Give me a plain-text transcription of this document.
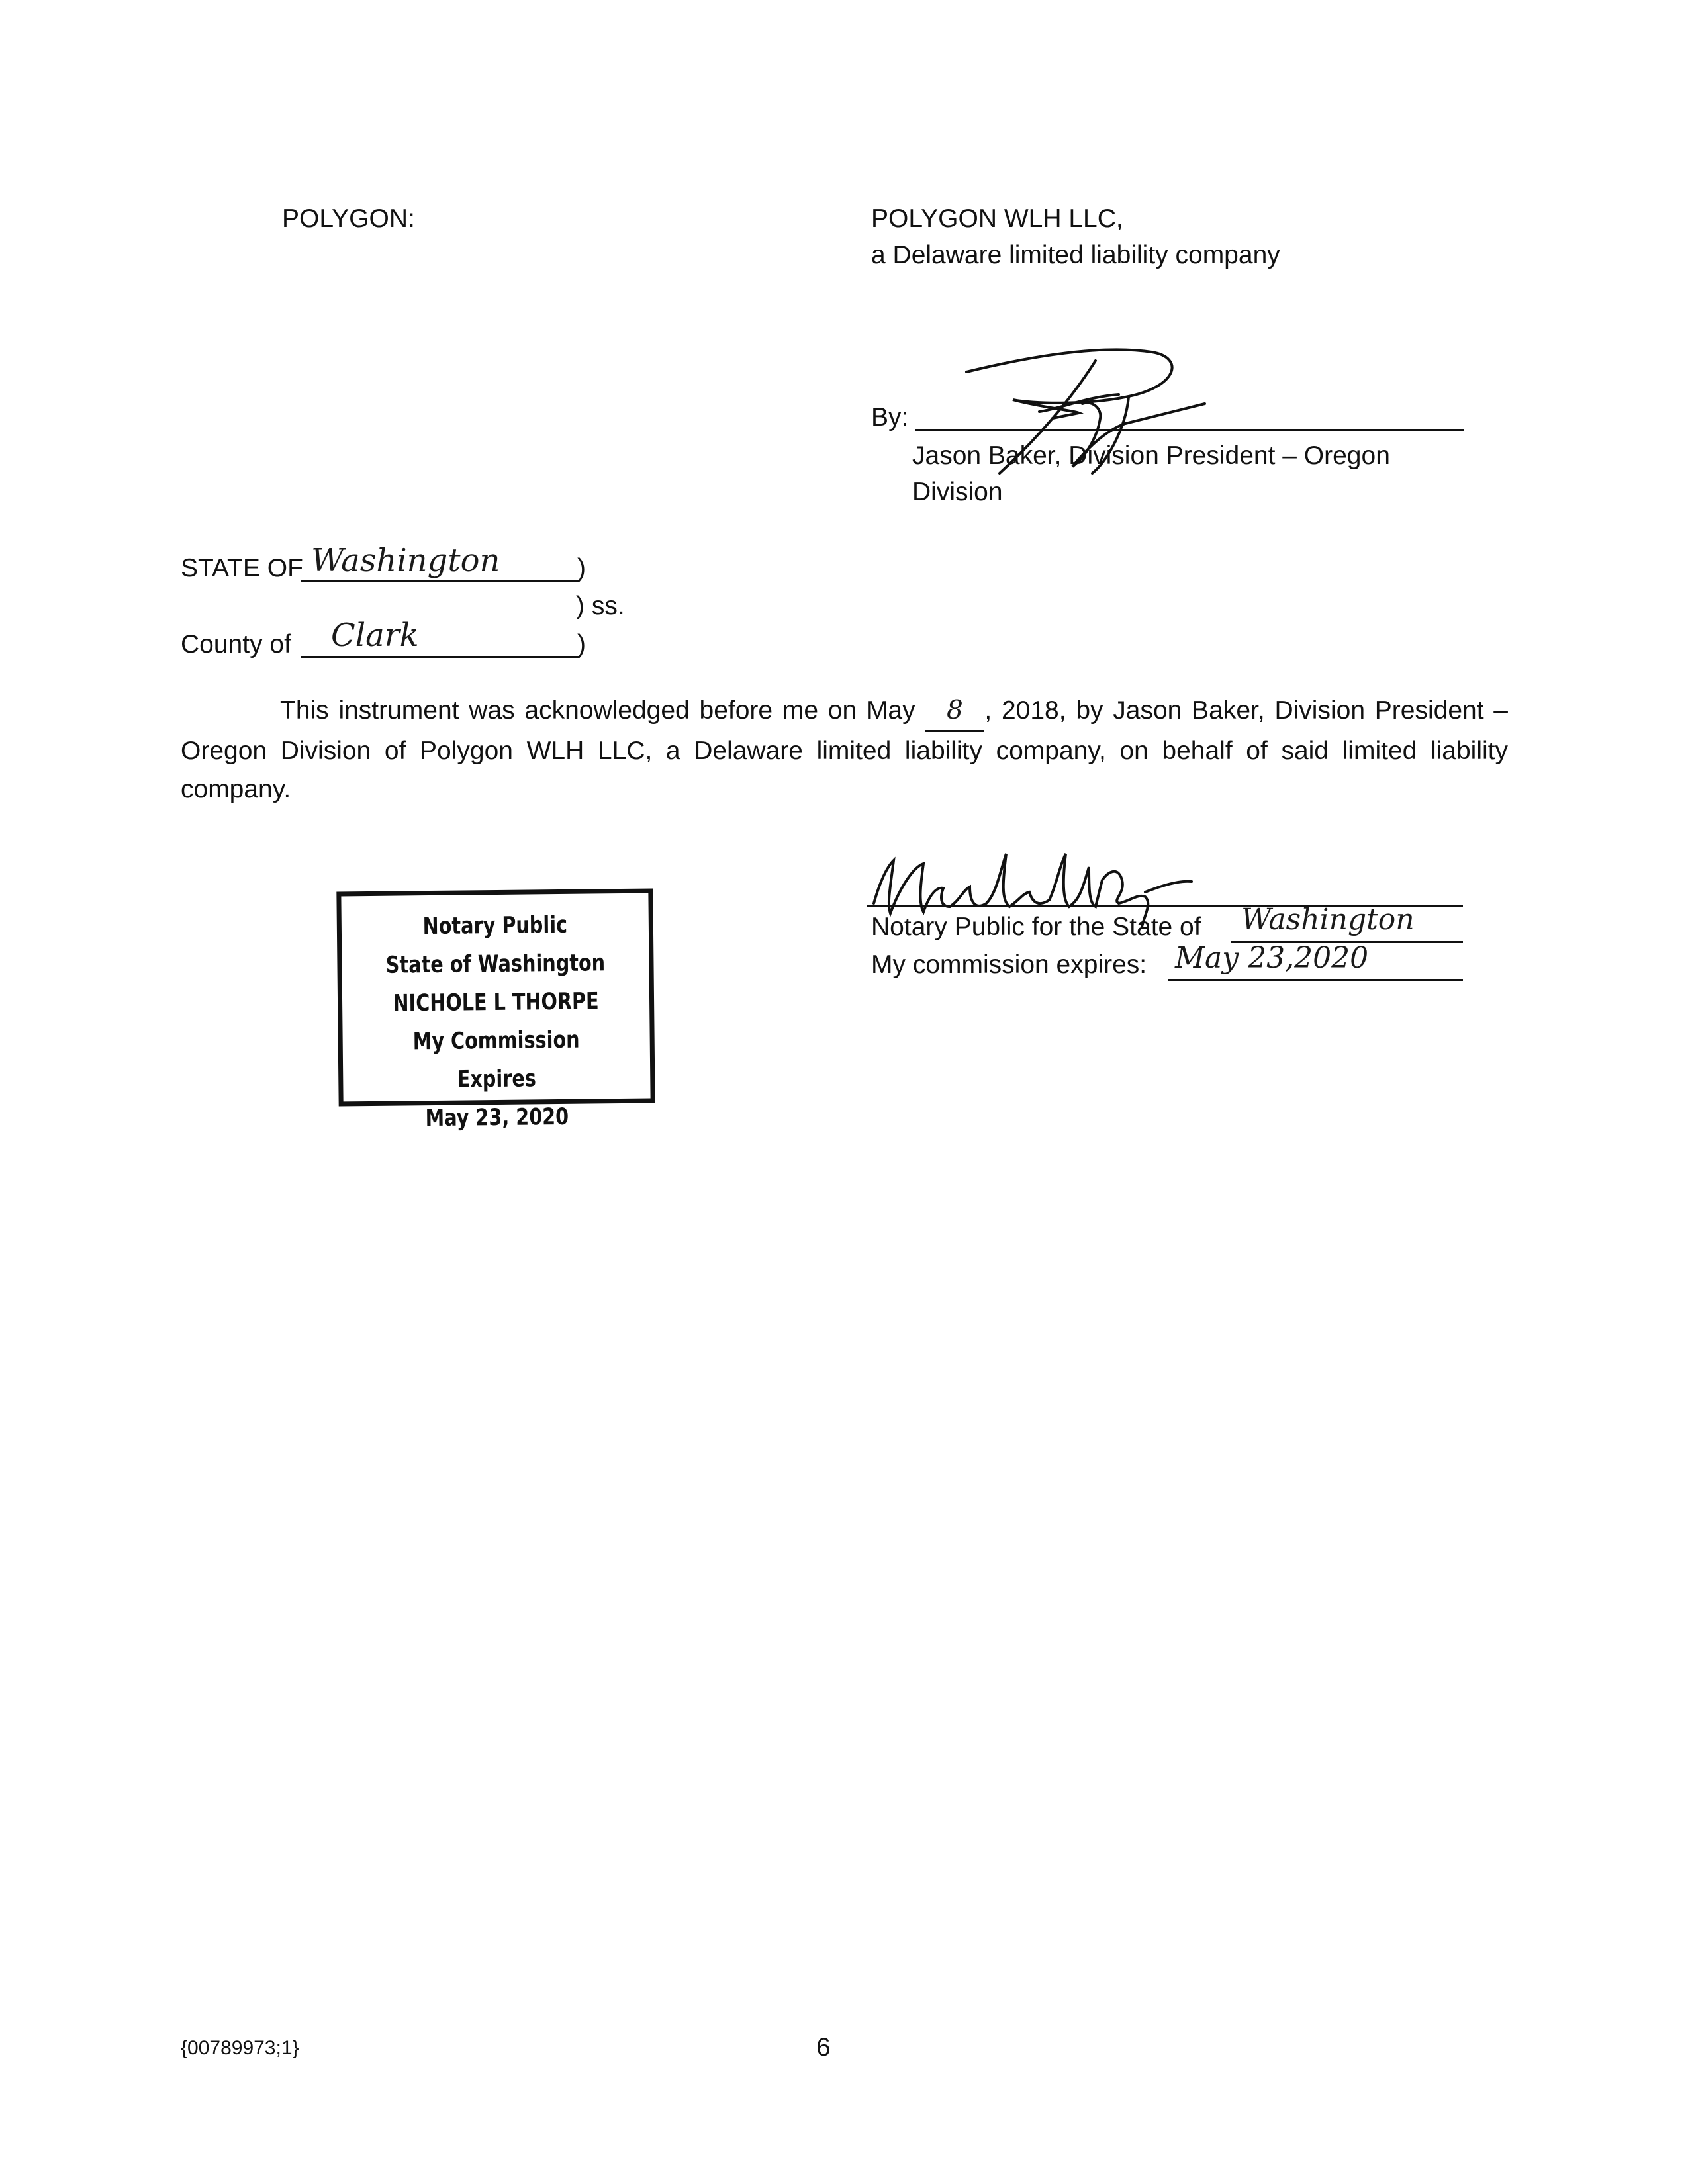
POLYGON:	POLYGON WLH LLC,
a Delaware limited liability company
By:
Jason Baker, Division President – Oregon
Division
STATE OF Washington	)
) ss.
County of Clark	)
This instrument was acknowledged before me on May 8 , 2018, by Jason Baker, Division President – Oregon Division of Polygon WLH LLC, a Delaware limited liability company, on behalf of said limited liability company.
Notary Public
State of Washington
NICHOLE L THORPE
My Commission Expires
May 23, 2020
Notary Public for the State of Washington
My commission expires: May 23,2020
{00789973;1}	6
